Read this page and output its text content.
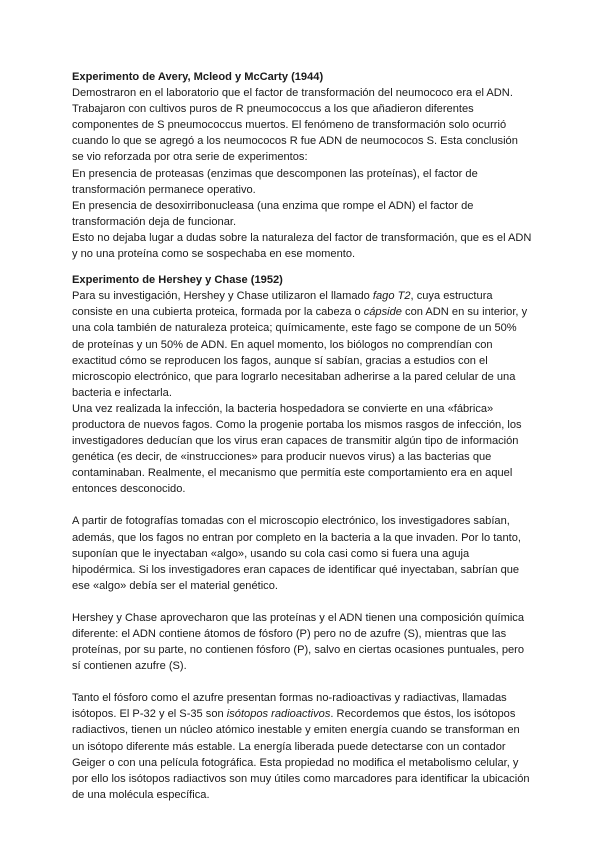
Experimento de Avery, Mcleod y McCarty (1944)

Demostraron en el laboratorio que el factor de transformación del neumococo era el ADN. Trabajaron con cultivos puros de R pneumococcus a los que añadieron diferentes componentes de S pneumococcus muertos. El fenómeno de transformación solo ocurrió cuando lo que se agregó a los neumococos R fue ADN de neumococos S. Esta conclusión se vio reforzada por otra serie de experimentos:

En presencia de proteasas (enzimas que descomponen las proteínas), el factor de transformación permanece operativo.

En presencia de desoxirribonucleasa (una enzima que rompe el ADN) el factor de transformación deja de funcionar.

Esto no dejaba lugar a dudas sobre la naturaleza del factor de transformación, que es el ADN y no una proteína como se sospechaba en ese momento.

Experimento de Hershey y Chase (1952)

Para su investigación, Hershey y Chase utilizaron el llamado fago T2, cuya estructura consiste en una cubierta proteica, formada por la cabeza o cápside con ADN en su interior, y una cola también de naturaleza proteica; químicamente, este fago se compone de un 50% de proteínas y un 50% de ADN. En aquel momento, los biólogos no comprendían con exactitud cómo se reproducen los fagos, aunque sí sabían, gracias a estudios con el microscopio electrónico, que para lograrlo necesitaban adherirse a la pared celular de una bacteria e infectarla.

Una vez realizada la infección, la bacteria hospedadora se convierte en una «fábrica» productora de nuevos fagos. Como la progenie portaba los mismos rasgos de infección, los investigadores deducían que los virus eran capaces de transmitir algún tipo de información genética (es decir, de «instrucciones» para producir nuevos virus) a las bacterias que contaminaban. Realmente, el mecanismo que permitía este comportamiento era en aquel entonces desconocido.

A partir de fotografías tomadas con el microscopio electrónico, los investigadores sabían, además, que los fagos no entran por completo en la bacteria a la que invaden. Por lo tanto, suponían que le inyectaban «algo», usando su cola casi como si fuera una aguja hipodérmica. Si los investigadores eran capaces de identificar qué inyectaban, sabrían que ese «algo» debía ser el material genético.

Hershey y Chase aprovecharon que las proteínas y el ADN tienen una composición química diferente: el ADN contiene átomos de fósforo (P) pero no de azufre (S), mientras que las proteínas, por su parte, no contienen fósforo (P), salvo en ciertas ocasiones puntuales, pero sí contienen azufre (S).

Tanto el fósforo como el azufre presentan formas no-radioactivas y radiactivas, llamadas isótopos. El P-32 y el S-35 son isótopos radioactivos. Recordemos que éstos, los isótopos radiactivos, tienen un núcleo atómico inestable y emiten energía cuando se transforman en un isótopo diferente más estable. La energía liberada puede detectarse con un contador Geiger o con una película fotográfica. Esta propiedad no modifica el metabolismo celular, y por ello los isótopos radiactivos son muy útiles como marcadores para identificar la ubicación de una molécula específica.
